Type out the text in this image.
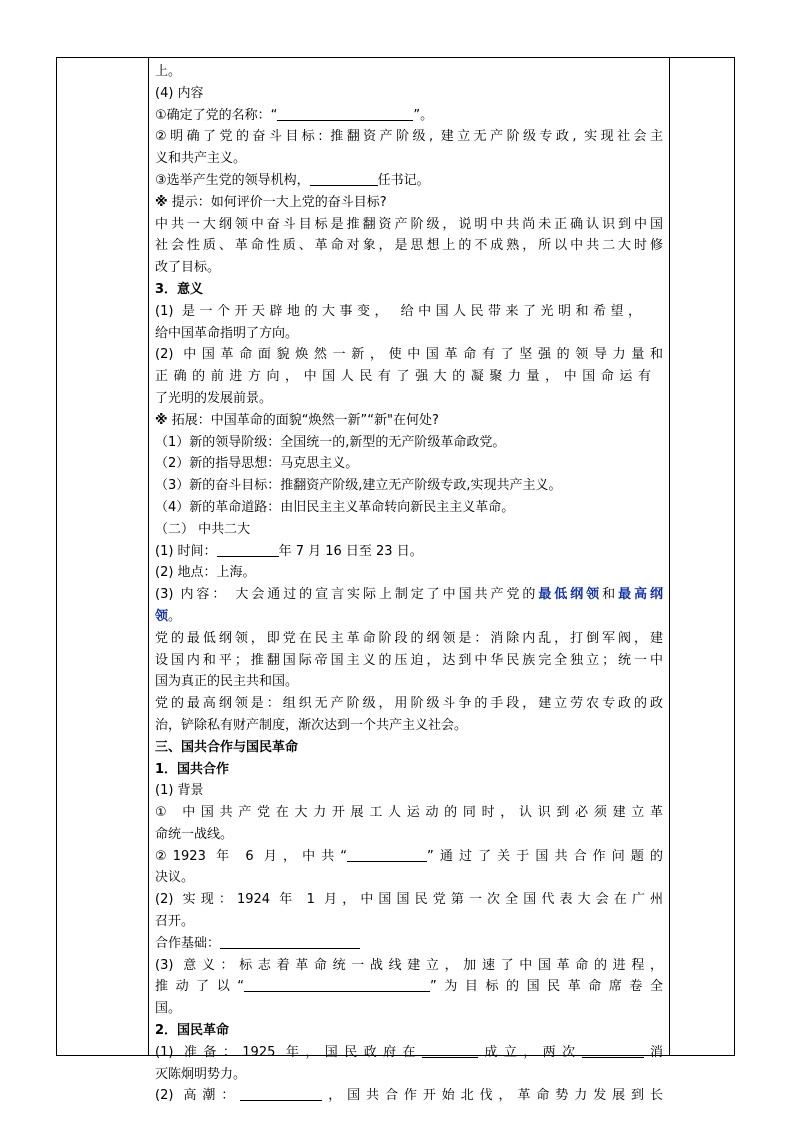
上。
(4) 内容
①确定了党的名称：“	”。
②明确了党的奋斗目标: 推翻资产阶级, 建立无产阶级专政, 实现社会主
义和共产主义。
③选举产生党的领导机构，	任书记。
※ 提示：如何评价一大上党的奋斗目标?
中共一大纲领中奋斗目标是推翻资产阶级，说明中共尚未正确认识到中国
社会性质、革命性质、革命对象，是思想上的不成熟，所以中共二大时修
改了目标。
3．意义
(1) 是一个开天辟地的大事变， 给中国人民带来了光明和希望，
给中国革命指明了方向。
(2) 中国革命面貌焕然一新，使中国革命有了坚强的领导力量和
正确的前进方向，中国人民有了强大的凝聚力量，中国命运有
了光明的发展前景。
※ 拓展：中国革命的面貌“焕然一新”“新"在何处?
（1）新的领导阶级：全国统一的,新型的无产阶级革命政党。
（2）新的指导思想：马克思主义。
（3）新的奋斗目标：推翻资产阶级,建立无产阶级专政,实现共产主义。
（4）新的革命道路：由旧民主主义革命转向新民主主义革命。
（二） 中共二大
(1) 时间：	年 7 月 16 日至 23 日。
(2) 地点：上海。
(3) 内容： 大会通过的宣言实际上制定了中国共产党的最低纲领和最高纲
领。
党的最低纲领，即党在民主革命阶段的纲领是：消除内乱，打倒军阀，建
设国内和平；推翻国际帝国主义的压迫，达到中华民族完全独立；统一中
国为真正的民主共和国。
党的最高纲领是：组织无产阶级，用阶级斗争的手段，建立劳农专政的政
治，铲除私有财产制度，渐次达到一个共产主义社会。
三、国共合作与国民革命
1．国共合作
(1) 背景
① 中国共产党在大力开展工人运动的同时，认识到必须建立革
命统一战线。
②1923 年 6 月，中共“	”通过了关于国共合作问题的
决议。
(2) 实现：1924 年 1 月，中国国民党第一次全国代表大会在广州
召开。
合作基础：
(3) 意义：标志着革命统一战线建立，加速了中国革命的进程，
推动了以“	”为目标的国民革命席卷全
国。
2．国民革命
(1) 准备：1925 年，国民政府在	成立，两次	消
灭陈炯明势力。
(2) 高潮：	，国共合作开始北伐，革命势力发展到长
